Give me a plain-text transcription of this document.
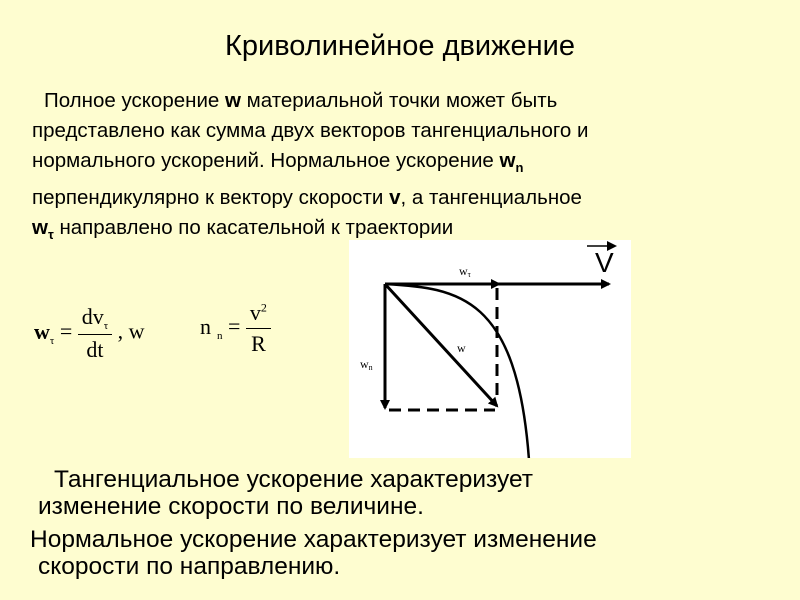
Криволинейное движение
Полное ускорение w материальной точки может быть
представлено как сумма двух векторов тангенциального и
нормального ускорений. Нормальное ускорение $w_n$
перпендикулярно к вектору скорости v, а тангенциальное
$w_\tau$ направлено по касательной к траектории
$w_\tau = \frac{dv_\tau}{dt}$ , w	n $_n = \frac{v^2}{R}$
V
wτ
w
wn
Тангенциальное ускорение характеризует
изменение скорости по величине.
Нормальное ускорение характеризует изменение
скорости по направлению.
